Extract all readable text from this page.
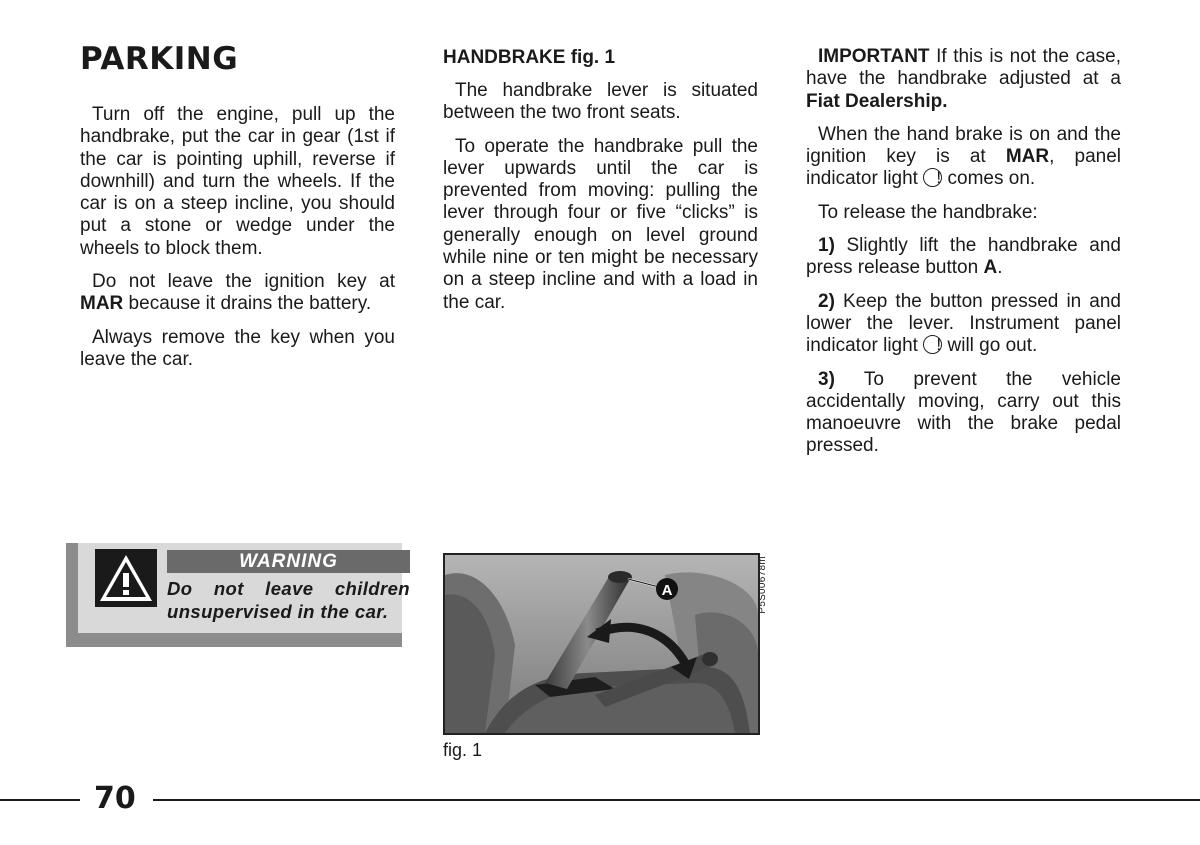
PARKING

Turn off the engine, pull up the handbrake, put the car in gear (1st if the car is pointing uphill, reverse if downhill) and turn the wheels. If the car is on a steep incline, you should put a stone or wedge under the wheels to block them.

Do not leave the ignition key at MAR because it drains the battery.

Always remove the key when you leave the car.

HANDBRAKE fig. 1

The handbrake lever is situated between the two front seats.

To operate the handbrake pull the lever upwards until the car is prevented from moving: pulling the lever through four or five “clicks” is generally enough on level ground while nine or ten might be necessary on a steep incline and with a load in the car.

IMPORTANT If this is not the case, have the handbrake adjusted at a Fiat Dealership.

When the hand brake is on and the ignition key is at MAR, panel indicator light ! comes on.

To release the handbrake:

1) Slightly lift the handbrake and press release button A.

2) Keep the button pressed in and lower the lever. Instrument panel indicator light ! will go out.

3) To prevent the vehicle accidentally moving, carry out this manoeuvre with the brake pedal pressed.

WARNING
Do not leave children unsupervised in the car.
A	P5S00678m
fig. 1
70
